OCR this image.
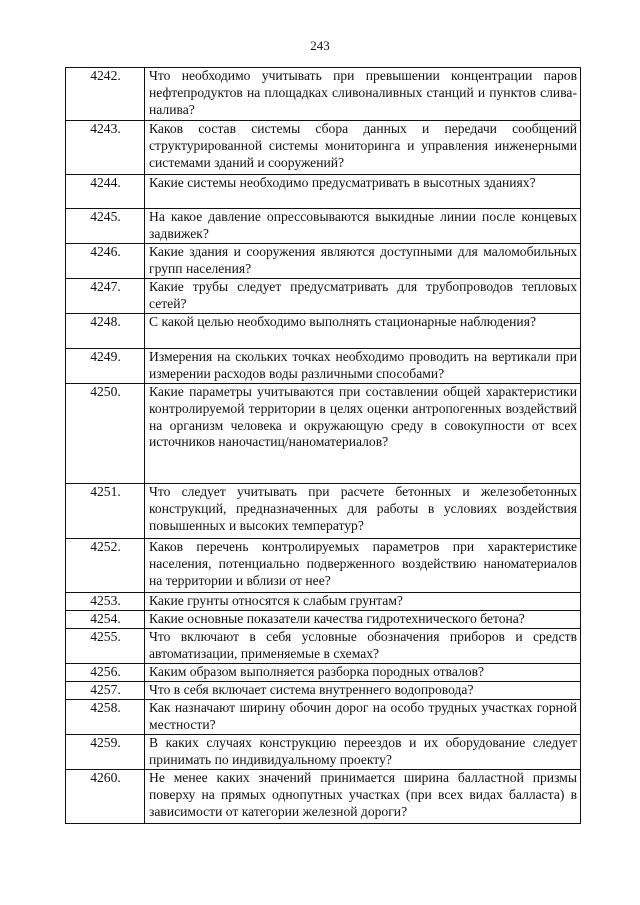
243
4242.	Что необходимо учитывать при превышении концентрации паров нефтепродуктов на площадках сливоналивных станций и пунктов слива-налива?
4243.	Каков состав системы сбора данных и передачи сообщений структурированной системы мониторинга и управления инженерными системами зданий и сооружений?
4244.	Какие системы необходимо предусматривать в высотных зданиях?
4245.	На какое давление опрессовываются выкидные линии после концевых задвижек?
4246.	Какие здания и сооружения являются доступными для маломобильных групп населения?
4247.	Какие трубы следует предусматривать для трубопроводов тепловых сетей?
4248.	С какой целью необходимо выполнять стационарные наблюдения?
4249.	Измерения на скольких точках необходимо проводить на вертикали при измерении расходов воды различными способами?
4250.	Какие параметры учитываются при составлении общей характеристики контролируемой территории в целях оценки антропогенных воздействий на организм человека и окружающую среду в совокупности от всех источников наночастиц/наноматериалов?
4251.	Что следует учитывать при расчете бетонных и железобетонных конструкций, предназначенных для работы в условиях воздействия повышенных и высоких температур?
4252.	Каков перечень контролируемых параметров при характеристике населения, потенциально подверженного воздействию наноматериалов на территории и вблизи от нее?
4253.	Какие грунты относятся к слабым грунтам?
4254.	Какие основные показатели качества гидротехнического бетона?
4255.	Что включают в себя условные обозначения приборов и средств автоматизации, применяемые в схемах?
4256.	Каким образом выполняется разборка породных отвалов?
4257.	Что в себя включает система внутреннего водопровода?
4258.	Как назначают ширину обочин дорог на особо трудных участках горной местности?
4259.	В каких случаях конструкцию переездов и их оборудование следует принимать по индивидуальному проекту?
4260.	Не менее каких значений принимается ширина балластной призмы поверху на прямых однопутных участках (при всех видах балласта) в зависимости от категории железной дороги?
